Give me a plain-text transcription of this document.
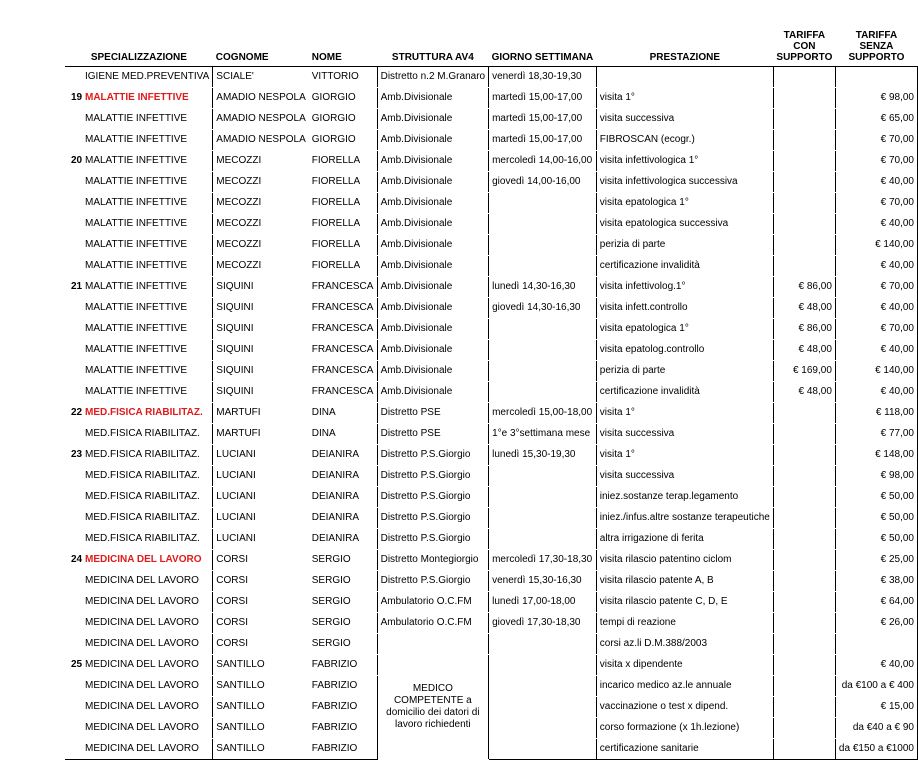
SPECIALIZZAZIONE	COGNOME	NOME	STRUTTURA AV4	GIORNO SETTIMANA	PRESTAZIONE	TARIFFA CON SUPPORTO	TARIFFA SENZA SUPPORTO
IGIENE MED.PREVENTIVA	SCIALE'	VITTORIO	Distretto n.2 M.Granaro	venerdì 18,30-19,30			
19 MALATTIE INFETTIVE	AMADIO NESPOLA	GIORGIO	Amb.Divisionale	martedì 15,00-17,00	visita 1°		€ 98,00
MALATTIE INFETTIVE	AMADIO NESPOLA	GIORGIO	Amb.Divisionale	martedì 15,00-17,00	visita successiva		€ 65,00
MALATTIE INFETTIVE	AMADIO NESPOLA	GIORGIO	Amb.Divisionale	martedì 15,00-17,00	FIBROSCAN (ecogr.)		€ 70,00
20 MALATTIE INFETTIVE	MECOZZI	FIORELLA	Amb.Divisionale	mercoledì 14,00-16,00	visita infettivologica 1°		€ 70,00
MALATTIE INFETTIVE	MECOZZI	FIORELLA	Amb.Divisionale	giovedì 14,00-16,00	visita infettivologica successiva		€ 40,00
MALATTIE INFETTIVE	MECOZZI	FIORELLA	Amb.Divisionale		visita epatologica 1°		€ 70,00
MALATTIE INFETTIVE	MECOZZI	FIORELLA	Amb.Divisionale		visita epatologica successiva		€ 40,00
MALATTIE INFETTIVE	MECOZZI	FIORELLA	Amb.Divisionale		perizia di parte		€ 140,00
MALATTIE INFETTIVE	MECOZZI	FIORELLA	Amb.Divisionale		certificazione invalidità		€ 40,00
21 MALATTIE INFETTIVE	SIQUINI	FRANCESCA	Amb.Divisionale	lunedì 14,30-16,30	visita infettivolog.1°	€ 86,00	€ 70,00
MALATTIE INFETTIVE	SIQUINI	FRANCESCA	Amb.Divisionale	giovedì 14,30-16,30	visita infett.controllo	€ 48,00	€ 40,00
MALATTIE INFETTIVE	SIQUINI	FRANCESCA	Amb.Divisionale		visita epatologica 1°	€ 86,00	€ 70,00
MALATTIE INFETTIVE	SIQUINI	FRANCESCA	Amb.Divisionale		visita epatolog.controllo	€ 48,00	€ 40,00
MALATTIE INFETTIVE	SIQUINI	FRANCESCA	Amb.Divisionale		perizia di parte	€ 169,00	€ 140,00
MALATTIE INFETTIVE	SIQUINI	FRANCESCA	Amb.Divisionale		certificazione invalidità	€ 48,00	€ 40,00
22 MED.FISICA RIABILITAZ.	MARTUFI	DINA	Distretto PSE	mercoledì 15,00-18,00	visita 1°		€ 118,00
MED.FISICA RIABILITAZ.	MARTUFI	DINA	Distretto PSE	1°e 3°settimana mese	visita successiva		€ 77,00
23 MED.FISICA RIABILITAZ.	LUCIANI	DEIANIRA	Distretto P.S.Giorgio	lunedì 15,30-19,30	visita 1°		€ 148,00
MED.FISICA RIABILITAZ.	LUCIANI	DEIANIRA	Distretto P.S.Giorgio		visita successiva		€ 98,00
MED.FISICA RIABILITAZ.	LUCIANI	DEIANIRA	Distretto P.S.Giorgio		iniez.sostanze terap.legamento		€ 50,00
MED.FISICA RIABILITAZ.	LUCIANI	DEIANIRA	Distretto P.S.Giorgio		iniez./infus.altre sostanze terapeutiche		€ 50,00
MED.FISICA RIABILITAZ.	LUCIANI	DEIANIRA	Distretto P.S.Giorgio		altra irrigazione di ferita		€ 50,00
24 MEDICINA DEL LAVORO	CORSI	SERGIO	Distretto Montegiorgio	mercoledì 17,30-18,30	visita rilascio patentino ciclom		€ 25,00
MEDICINA DEL LAVORO	CORSI	SERGIO	Distretto P.S.Giorgio	venerdì 15,30-16,30	visita rilascio patente A, B		€ 38,00
MEDICINA DEL LAVORO	CORSI	SERGIO	Ambulatorio O.C.FM	lunedì 17,00-18,00	visita rilascio patente C, D, E		€ 64,00
MEDICINA DEL LAVORO	CORSI	SERGIO	Ambulatorio O.C.FM	giovedì 17,30-18,30	tempi di reazione		€ 26,00
MEDICINA DEL LAVORO	CORSI	SERGIO			corsi az.li D.M.388/2003		
25 MEDICINA DEL LAVORO	SANTILLO	FABRIZIO	MEDICO COMPETENTE a domicilio dei datori di lavoro richiedenti		visita x dipendente		€ 40,00
MEDICINA DEL LAVORO	SANTILLO	FABRIZIO			incarico medico az.le annuale		da €100 a € 400
MEDICINA DEL LAVORO	SANTILLO	FABRIZIO			vaccinazione o test x dipend.		€ 15,00
MEDICINA DEL LAVORO	SANTILLO	FABRIZIO			corso formazione (x 1h.lezione)		da €40 a € 90
MEDICINA DEL LAVORO	SANTILLO	FABRIZIO			certificazione sanitarie		da €150 a €1000
